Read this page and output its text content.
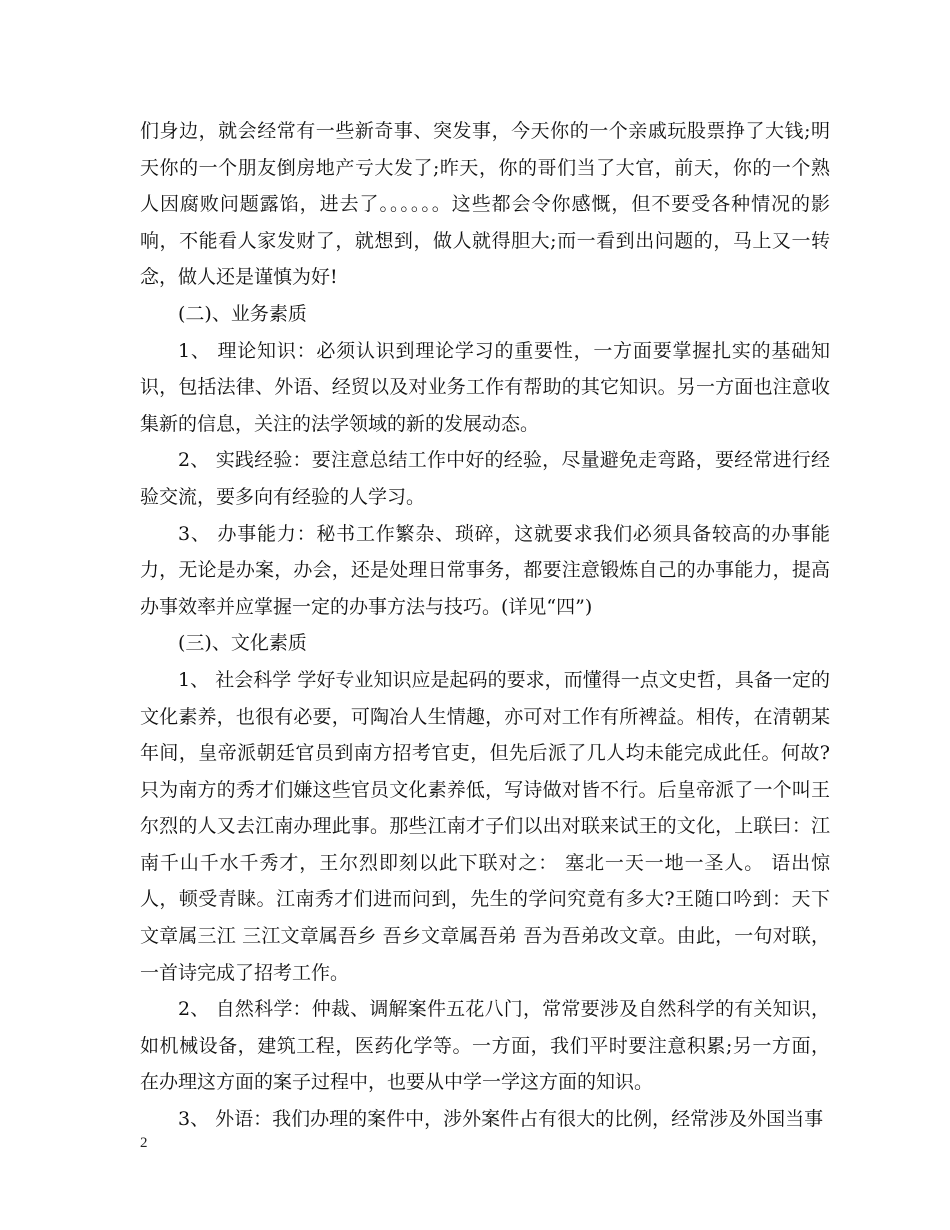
们身边，就会经常有一些新奇事、突发事，今天你的一个亲戚玩股票挣了大钱;明天你的一个朋友倒房地产亏大发了;昨天，你的哥们当了大官，前天，你的一个熟人因腐败问题露馅，进去了。。。。。。这些都会令你感慨，但不要受各种情况的影响，不能看人家发财了，就想到，做人就得胆大;而一看到出问题的，马上又一转念，做人还是谨慎为好!

(二)、业务素质

1、 理论知识：必须认识到理论学习的重要性，一方面要掌握扎实的基础知识，包括法律、外语、经贸以及对业务工作有帮助的其它知识。另一方面也注意收集新的信息，关注的法学领域的新的发展动态。

2、 实践经验：要注意总结工作中好的经验，尽量避免走弯路，要经常进行经验交流，要多向有经验的人学习。

3、 办事能力：秘书工作繁杂、琐碎，这就要求我们必须具备较高的办事能力，无论是办案，办会，还是处理日常事务，都要注意锻炼自己的办事能力，提高办事效率并应掌握一定的办事方法与技巧。(详见“四”)

(三)、文化素质

1、 社会科学 学好专业知识应是起码的要求，而懂得一点文史哲，具备一定的文化素养，也很有必要，可陶冶人生情趣，亦可对工作有所裨益。相传，在清朝某年间，皇帝派朝廷官员到南方招考官吏，但先后派了几人均未能完成此任。何故?只为南方的秀才们嫌这些官员文化素养低，写诗做对皆不行。后皇帝派了一个叫王尔烈的人又去江南办理此事。那些江南才子们以出对联来试王的文化，上联曰：江南千山千水千秀才，王尔烈即刻以此下联对之： 塞北一天一地一圣人。 语出惊人，顿受青睐。江南秀才们进而问到，先生的学问究竟有多大?王随口吟到：天下文章属三江 三江文章属吾乡 吾乡文章属吾弟 吾为吾弟改文章。由此，一句对联，一首诗完成了招考工作。

2、 自然科学：仲裁、调解案件五花八门，常常要涉及自然科学的有关知识，如机械设备，建筑工程，医药化学等。一方面，我们平时要注意积累;另一方面，在办理这方面的案子过程中，也要从中学一学这方面的知识。

3、 外语：我们办理的案件中，涉外案件占有很大的比例，经常涉及外国当事

2
